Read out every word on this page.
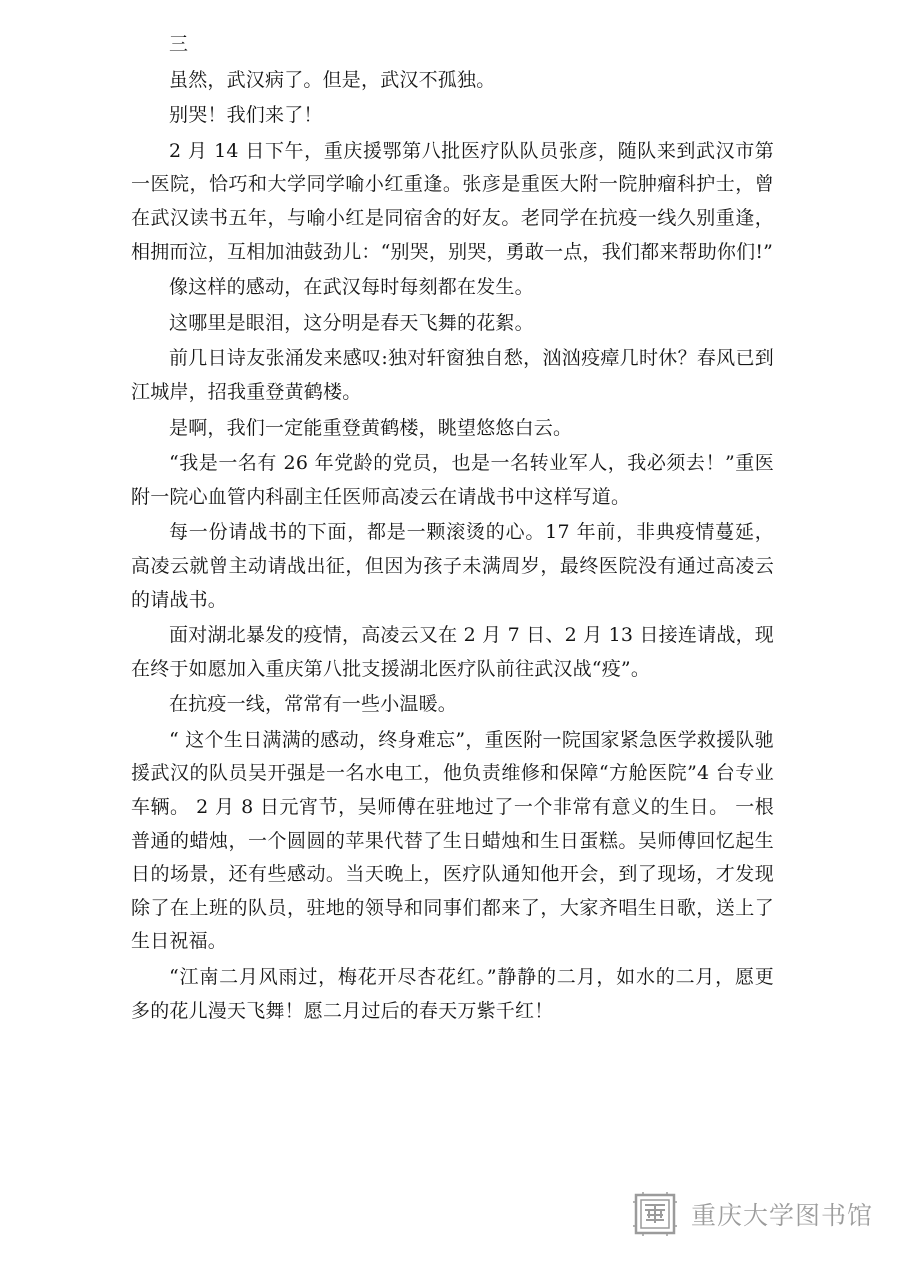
三

虽然，武汉病了。但是，武汉不孤独。

别哭！我们来了！

2 月 14 日下午，重庆援鄂第八批医疗队队员张彦，随队来到武汉市第一医院，恰巧和大学同学喻小红重逢。张彦是重医大附一院肿瘤科护士，曾在武汉读书五年，与喻小红是同宿舍的好友。老同学在抗疫一线久别重逢，相拥而泣，互相加油鼓劲儿：“别哭，别哭，勇敢一点，我们都来帮助你们!”

像这样的感动，在武汉每时每刻都在发生。

这哪里是眼泪，这分明是春天飞舞的花絮。

前几日诗友张涌发来感叹:独对轩窗独自愁，汹汹疫瘴几时休？春风已到江城岸，招我重登黄鹤楼。

是啊，我们一定能重登黄鹤楼，眺望悠悠白云。

“我是一名有 26 年党龄的党员，也是一名转业军人，我必须去！”重医附一院心血管内科副主任医师高凌云在请战书中这样写道。

每一份请战书的下面，都是一颗滚烫的心。17 年前，非典疫情蔓延，高凌云就曾主动请战出征，但因为孩子未满周岁，最终医院没有通过高凌云的请战书。

面对湖北暴发的疫情，高凌云又在 2 月 7 日、2 月 13 日接连请战，现在终于如愿加入重庆第八批支援湖北医疗队前往武汉战“疫”。

在抗疫一线，常常有一些小温暖。

“ 这个生日满满的感动，终身难忘”，重医附一院国家紧急医学救援队驰援武汉的队员吴开强是一名水电工，他负责维修和保障“方舱医院”4 台专业车辆。 2 月 8 日元宵节，吴师傅在驻地过了一个非常有意义的生日。 一根普通的蜡烛，一个圆圆的苹果代替了生日蜡烛和生日蛋糕。吴师傅回忆起生日的场景，还有些感动。当天晚上，医疗队通知他开会，到了现场，才发现除了在上班的队员，驻地的领导和同事们都来了，大家齐唱生日歌，送上了生日祝福。

“江南二月风雨过，梅花开尽杏花红。”静静的二月，如水的二月，愿更多的花儿漫天飞舞！愿二月过后的春天万紫千红！

重庆大学图书馆
